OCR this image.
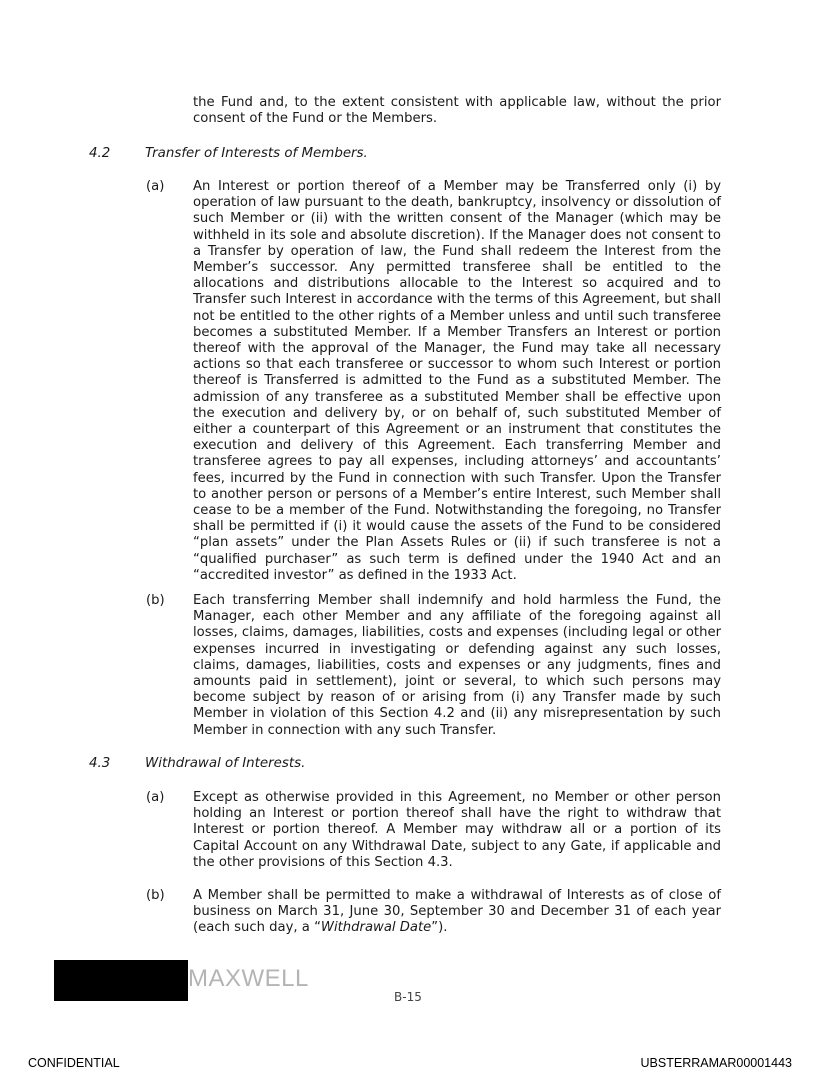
the Fund and, to the extent consistent with applicable law, without the prior consent of the Fund or the Members.

4.2	Transfer of Interests of Members.
(a) An Interest or portion thereof of a Member may be Transferred only (i) by operation of law pursuant to the death, bankruptcy, insolvency or dissolution of such Member or (ii) with the written consent of the Manager (which may be withheld in its sole and absolute discretion). If the Manager does not consent to a Transfer by operation of law, the Fund shall redeem the Interest from the Member’s successor. Any permitted transferee shall be entitled to the allocations and distributions allocable to the Interest so acquired and to Transfer such Interest in accordance with the terms of this Agreement, but shall not be entitled to the other rights of a Member unless and until such transferee becomes a substituted Member. If a Member Transfers an Interest or portion thereof with the approval of the Manager, the Fund may take all necessary actions so that each transferee or successor to whom such Interest or portion thereof is Transferred is admitted to the Fund as a substituted Member. The admission of any transferee as a substituted Member shall be effective upon the execution and delivery by, or on behalf of, such substituted Member of either a counterpart of this Agreement or an instrument that constitutes the execution and delivery of this Agreement. Each transferring Member and transferee agrees to pay all expenses, including attorneys’ and accountants’ fees, incurred by the Fund in connection with such Transfer. Upon the Transfer to another person or persons of a Member’s entire Interest, such Member shall cease to be a member of the Fund. Notwithstanding the foregoing, no Transfer shall be permitted if (i) it would cause the assets of the Fund to be considered “plan assets” under the Plan Assets Rules or (ii) if such transferee is not a “qualified purchaser” as such term is defined under the 1940 Act and an “accredited investor” as defined in the 1933 Act.

(b) Each transferring Member shall indemnify and hold harmless the Fund, the Manager, each other Member and any affiliate of the foregoing against all losses, claims, damages, liabilities, costs and expenses (including legal or other expenses incurred in investigating or defending against any such losses, claims, damages, liabilities, costs and expenses or any judgments, fines and amounts paid in settlement), joint or several, to which such persons may become subject by reason of or arising from (i) any Transfer made by such Member in violation of this Section 4.2 and (ii) any misrepresentation by such Member in connection with any such Transfer.

4.3	Withdrawal of Interests.
(a) Except as otherwise provided in this Agreement, no Member or other person holding an Interest or portion thereof shall have the right to withdraw that Interest or portion thereof. A Member may withdraw all or a portion of its Capital Account on any Withdrawal Date, subject to any Gate, if applicable and the other provisions of this Section 4.3.

(b) A Member shall be permitted to make a withdrawal of Interests as of close of business on March 31, June 30, September 30 and December 31 of each year (each such day, a “Withdrawal Date”).

MAXWELL
B-15
CONFIDENTIAL	UBSTERRAMAR00001443
